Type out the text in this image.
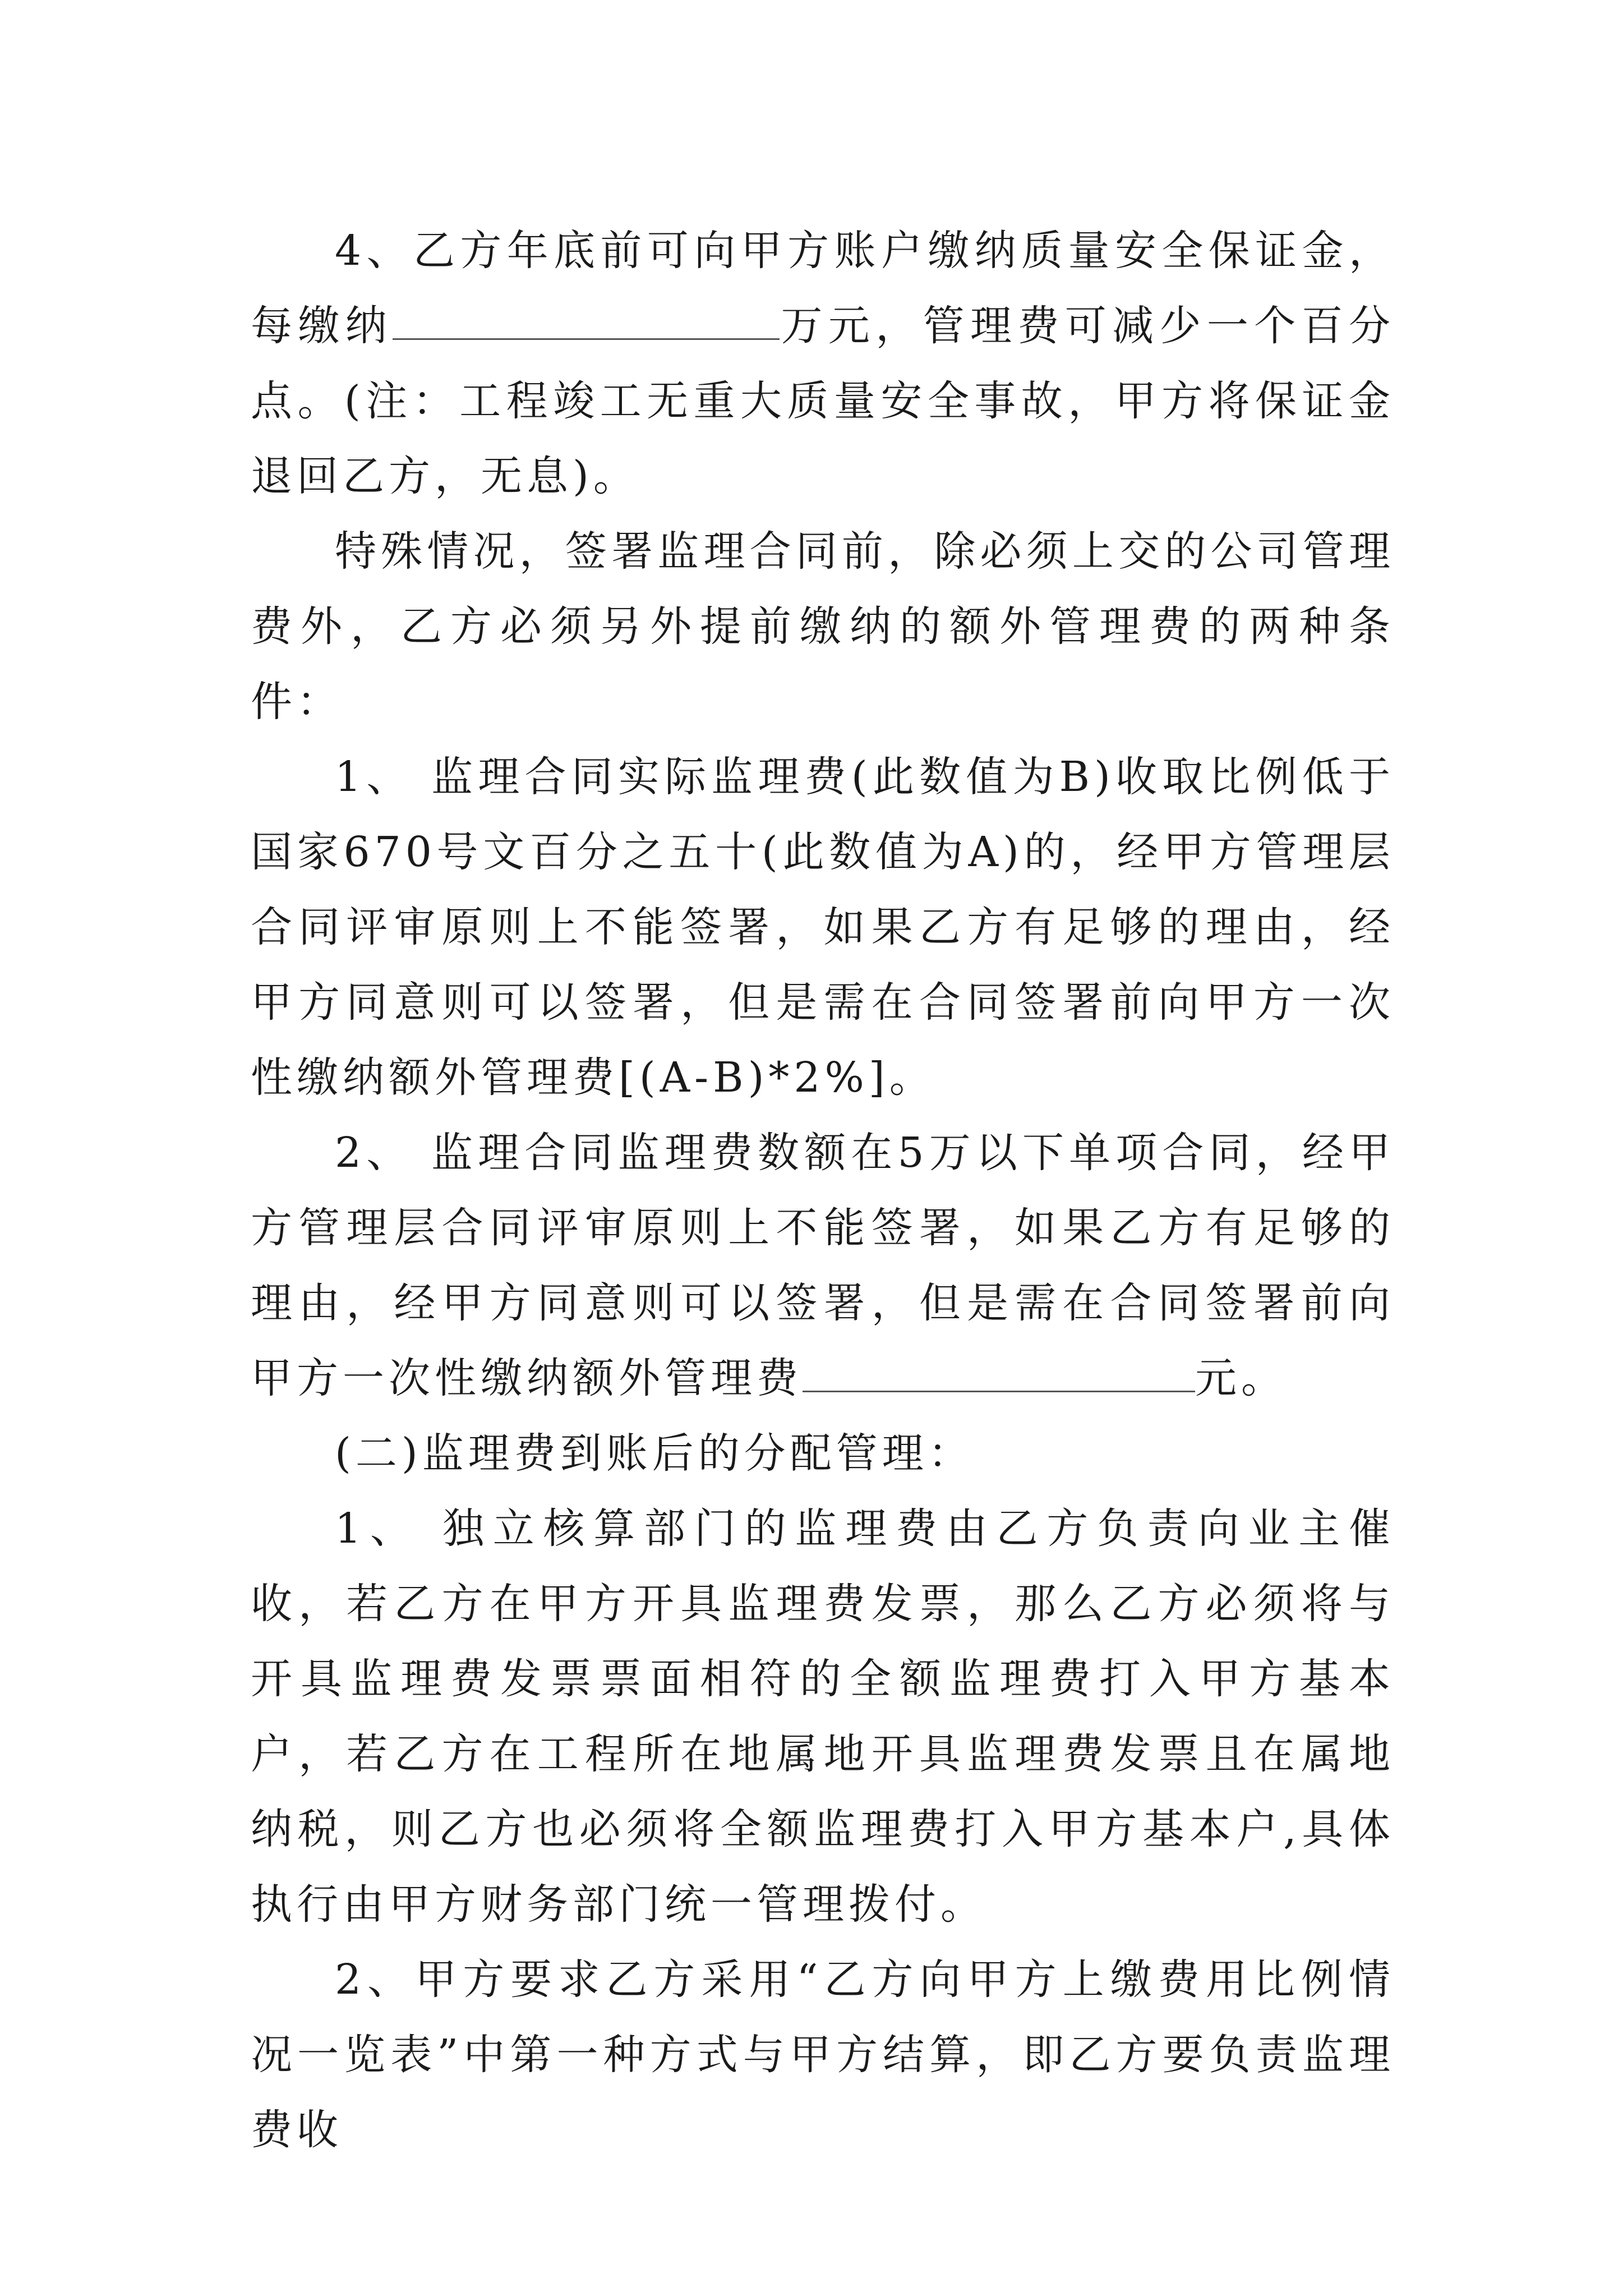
4、乙方年底前可向甲方账户缴纳质量安全保证金，每缴纳	万元，管理费可减少一个百分点。(注：工程竣工无重大质量安全事故，甲方将保证金退回乙方，无息)。

特殊情况，签署监理合同前，除必须上交的公司管理费外，乙方必须另外提前缴纳的额外管理费的两种条件：

1、 监理合同实际监理费(此数值为B)收取比例低于国家670号文百分之五十(此数值为A)的，经甲方管理层合同评审原则上不能签署，如果乙方有足够的理由，经甲方同意则可以签署，但是需在合同签署前向甲方一次性缴纳额外管理费[(A-B)*2%]。

2、 监理合同监理费数额在5万以下单项合同，经甲方管理层合同评审原则上不能签署，如果乙方有足够的理由，经甲方同意则可以签署，但是需在合同签署前向甲方一次性缴纳额外管理费	元。

(二)监理费到账后的分配管理：

1、 独立核算部门的监理费由乙方负责向业主催收，若乙方在甲方开具监理费发票，那么乙方必须将与开具监理费发票票面相符的全额监理费打入甲方基本户，若乙方在工程所在地属地开具监理费发票且在属地纳税，则乙方也必须将全额监理费打入甲方基本户,具体执行由甲方财务部门统一管理拨付。

2、甲方要求乙方采用“乙方向甲方上缴费用比例情况一览表”中第一种方式与甲方结算，即乙方要负责监理费收
